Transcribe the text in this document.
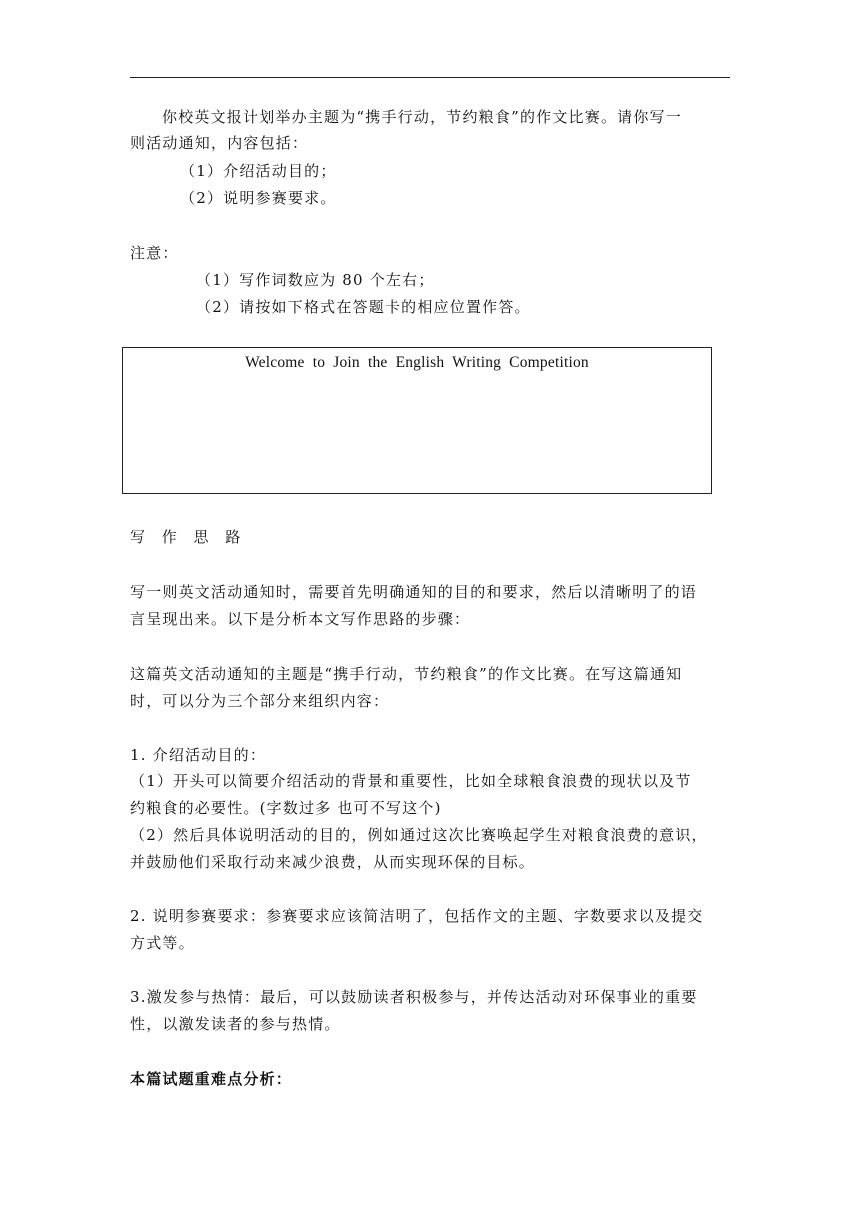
你校英文报计划举办主题为“携手行动，节约粮食”的作文比赛。请你写一
则活动通知，内容包括：
（1）介绍活动目的；
（2）说明参赛要求。
注意：
（1）写作词数应为 80 个左右；
（2）请按如下格式在答题卡的相应位置作答。
Welcome to Join the English Writing Competition
写 作 思 路
写一则英文活动通知时，需要首先明确通知的目的和要求，然后以清晰明了的语
言呈现出来。以下是分析本文写作思路的步骤：
这篇英文活动通知的主题是“携手行动，节约粮食”的作文比赛。在写这篇通知
时，可以分为三个部分来组织内容：
1. 介绍活动目的：
（1）开头可以简要介绍活动的背景和重要性，比如全球粮食浪费的现状以及节
约粮食的必要性。(字数过多 也可不写这个)
（2）然后具体说明活动的目的，例如通过这次比赛唤起学生对粮食浪费的意识，
并鼓励他们采取行动来减少浪费，从而实现环保的目标。
2. 说明参赛要求：参赛要求应该简洁明了，包括作文的主题、字数要求以及提交
方式等。
3.激发参与热情：最后，可以鼓励读者积极参与，并传达活动对环保事业的重要
性，以激发读者的参与热情。
本篇试题重难点分析：
